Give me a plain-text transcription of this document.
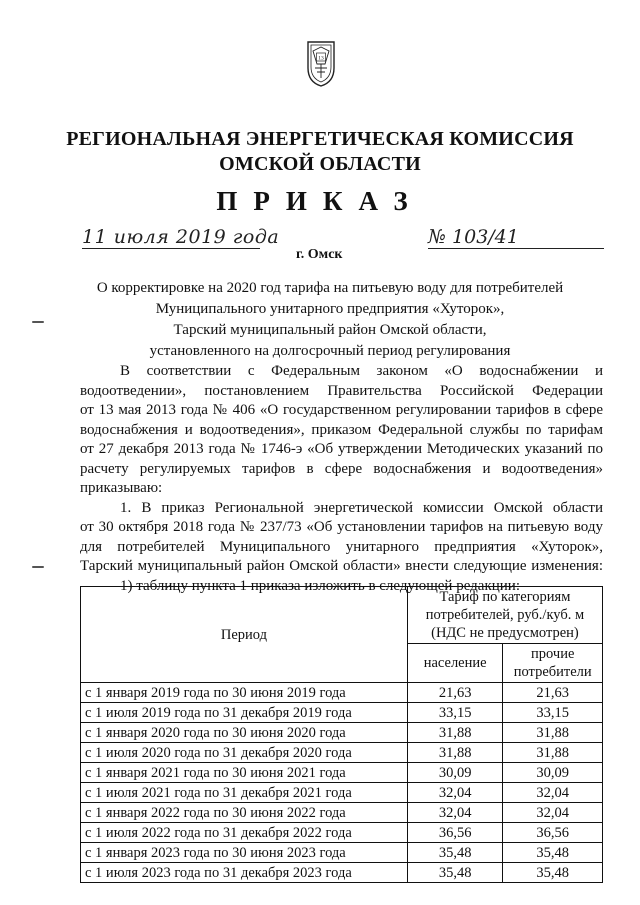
13
РЕГИОНАЛЬНАЯ ЭНЕРГЕТИЧЕСКАЯ КОМИССИЯ
ОМСКОЙ ОБЛАСТИ
ПРИКАЗ
11 июля 2019 года
г. Омск
№ 103/41
О корректировке на 2020 год тарифа на питьевую воду для потребителей
Муниципального унитарного предприятия «Хуторок»,
Тарский муниципальный район Омской области,
установленного на долгосрочный период регулирования
В соответствии с Федеральным законом «О водоснабжении и
водоотведении», постановлением Правительства Российской Федерации
от 13 мая 2013 года № 406 «О государственном регулировании тарифов в сфере
водоснабжения и водоотведения», приказом Федеральной службы по тарифам
от 27 декабря 2013 года № 1746-э «Об утверждении Методических указаний по
расчету регулируемых тарифов в сфере водоснабжения и водоотведения»
приказываю:
1. В приказ Региональной энергетической комиссии Омской области
от 30 октября 2018 года № 237/73 «Об установлении тарифов на питьевую воду
для потребителей Муниципального унитарного предприятия «Хуторок»,
Тарский муниципальный район Омской области» внести следующие изменения:
1) таблицу пункта 1 приказа изложить в следующей редакции:
Период	Тариф по категориям
потребителей, руб./куб. м
(НДС не предусмотрен)	

	население	прочие
потребители

с 1 января 2019 года по 30 июня 2019 года	21,63	21,63
с 1 июля 2019 года по 31 декабря 2019 года	33,15	33,15
с 1 января 2020 года по 30 июня 2020 года	31,88	31,88
с 1 июля 2020 года по 31 декабря 2020 года	31,88	31,88
с 1 января 2021 года по 30 июня 2021 года	30,09	30,09
с 1 июля 2021 года по 31 декабря 2021 года	32,04	32,04
с 1 января 2022 года по 30 июня 2022 года	32,04	32,04
с 1 июля 2022 года по 31 декабря 2022 года	36,56	36,56
с 1 января 2023 года по 30 июня 2023 года	35,48	35,48
с 1 июля 2023 года по 31 декабря 2023 года	35,48	35,48
